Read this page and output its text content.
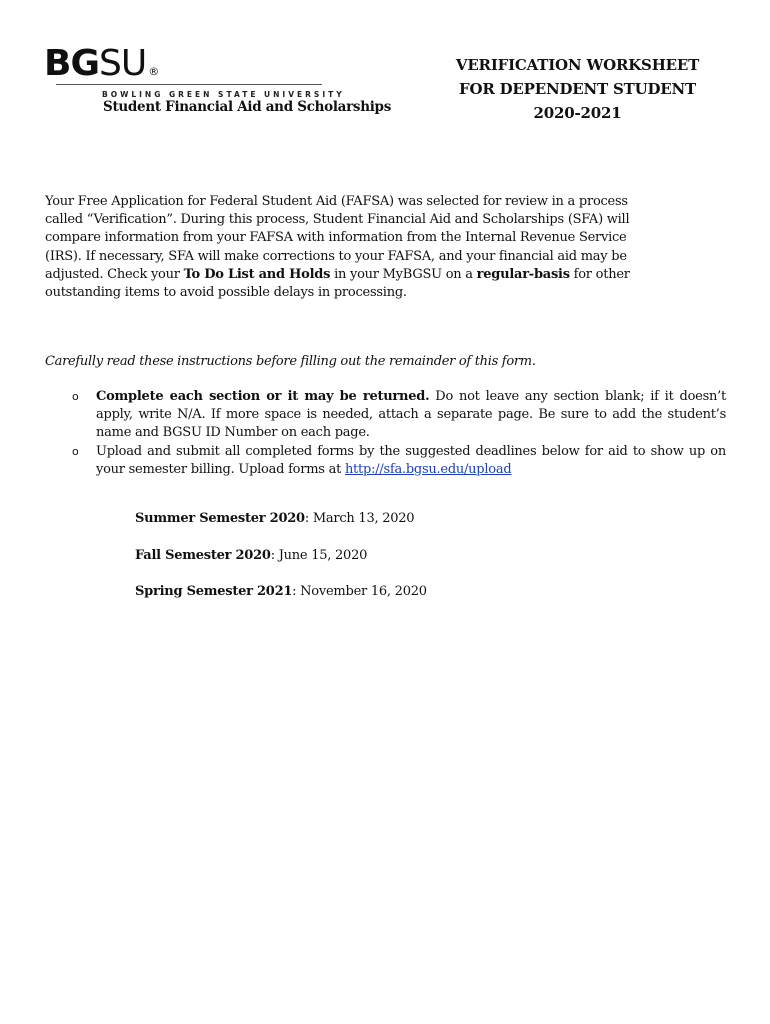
BGSU ®
BOWLING GREEN STATE UNIVERSITY
Student Financial Aid and Scholarships
VERIFICATION WORKSHEET
FOR DEPENDENT STUDENT
2020-2021
Your Free Application for Federal Student Aid (FAFSA) was selected for review in a process called “Verification”. During this process, Student Financial Aid and Scholarships (SFA) will compare information from your FAFSA with information from the Internal Revenue Service (IRS). If necessary, SFA will make corrections to your FAFSA, and your financial aid may be adjusted. Check your To Do List and Holds in your MyBGSU on a regular-basis for other outstanding items to avoid possible delays in processing.
Carefully read these instructions before filling out the remainder of this form.
o Complete each section or it may be returned. Do not leave any section blank; if it doesn’t apply, write N/A. If more space is needed, attach a separate page. Be sure to add the student’s name and BGSU ID Number on each page.
o Upload and submit all completed forms by the suggested deadlines below for aid to show up on your semester billing. Upload forms at http://sfa.bgsu.edu/upload
Summer Semester 2020: March 13, 2020
Fall Semester 2020: June 15, 2020
Spring Semester 2021: November 16, 2020
